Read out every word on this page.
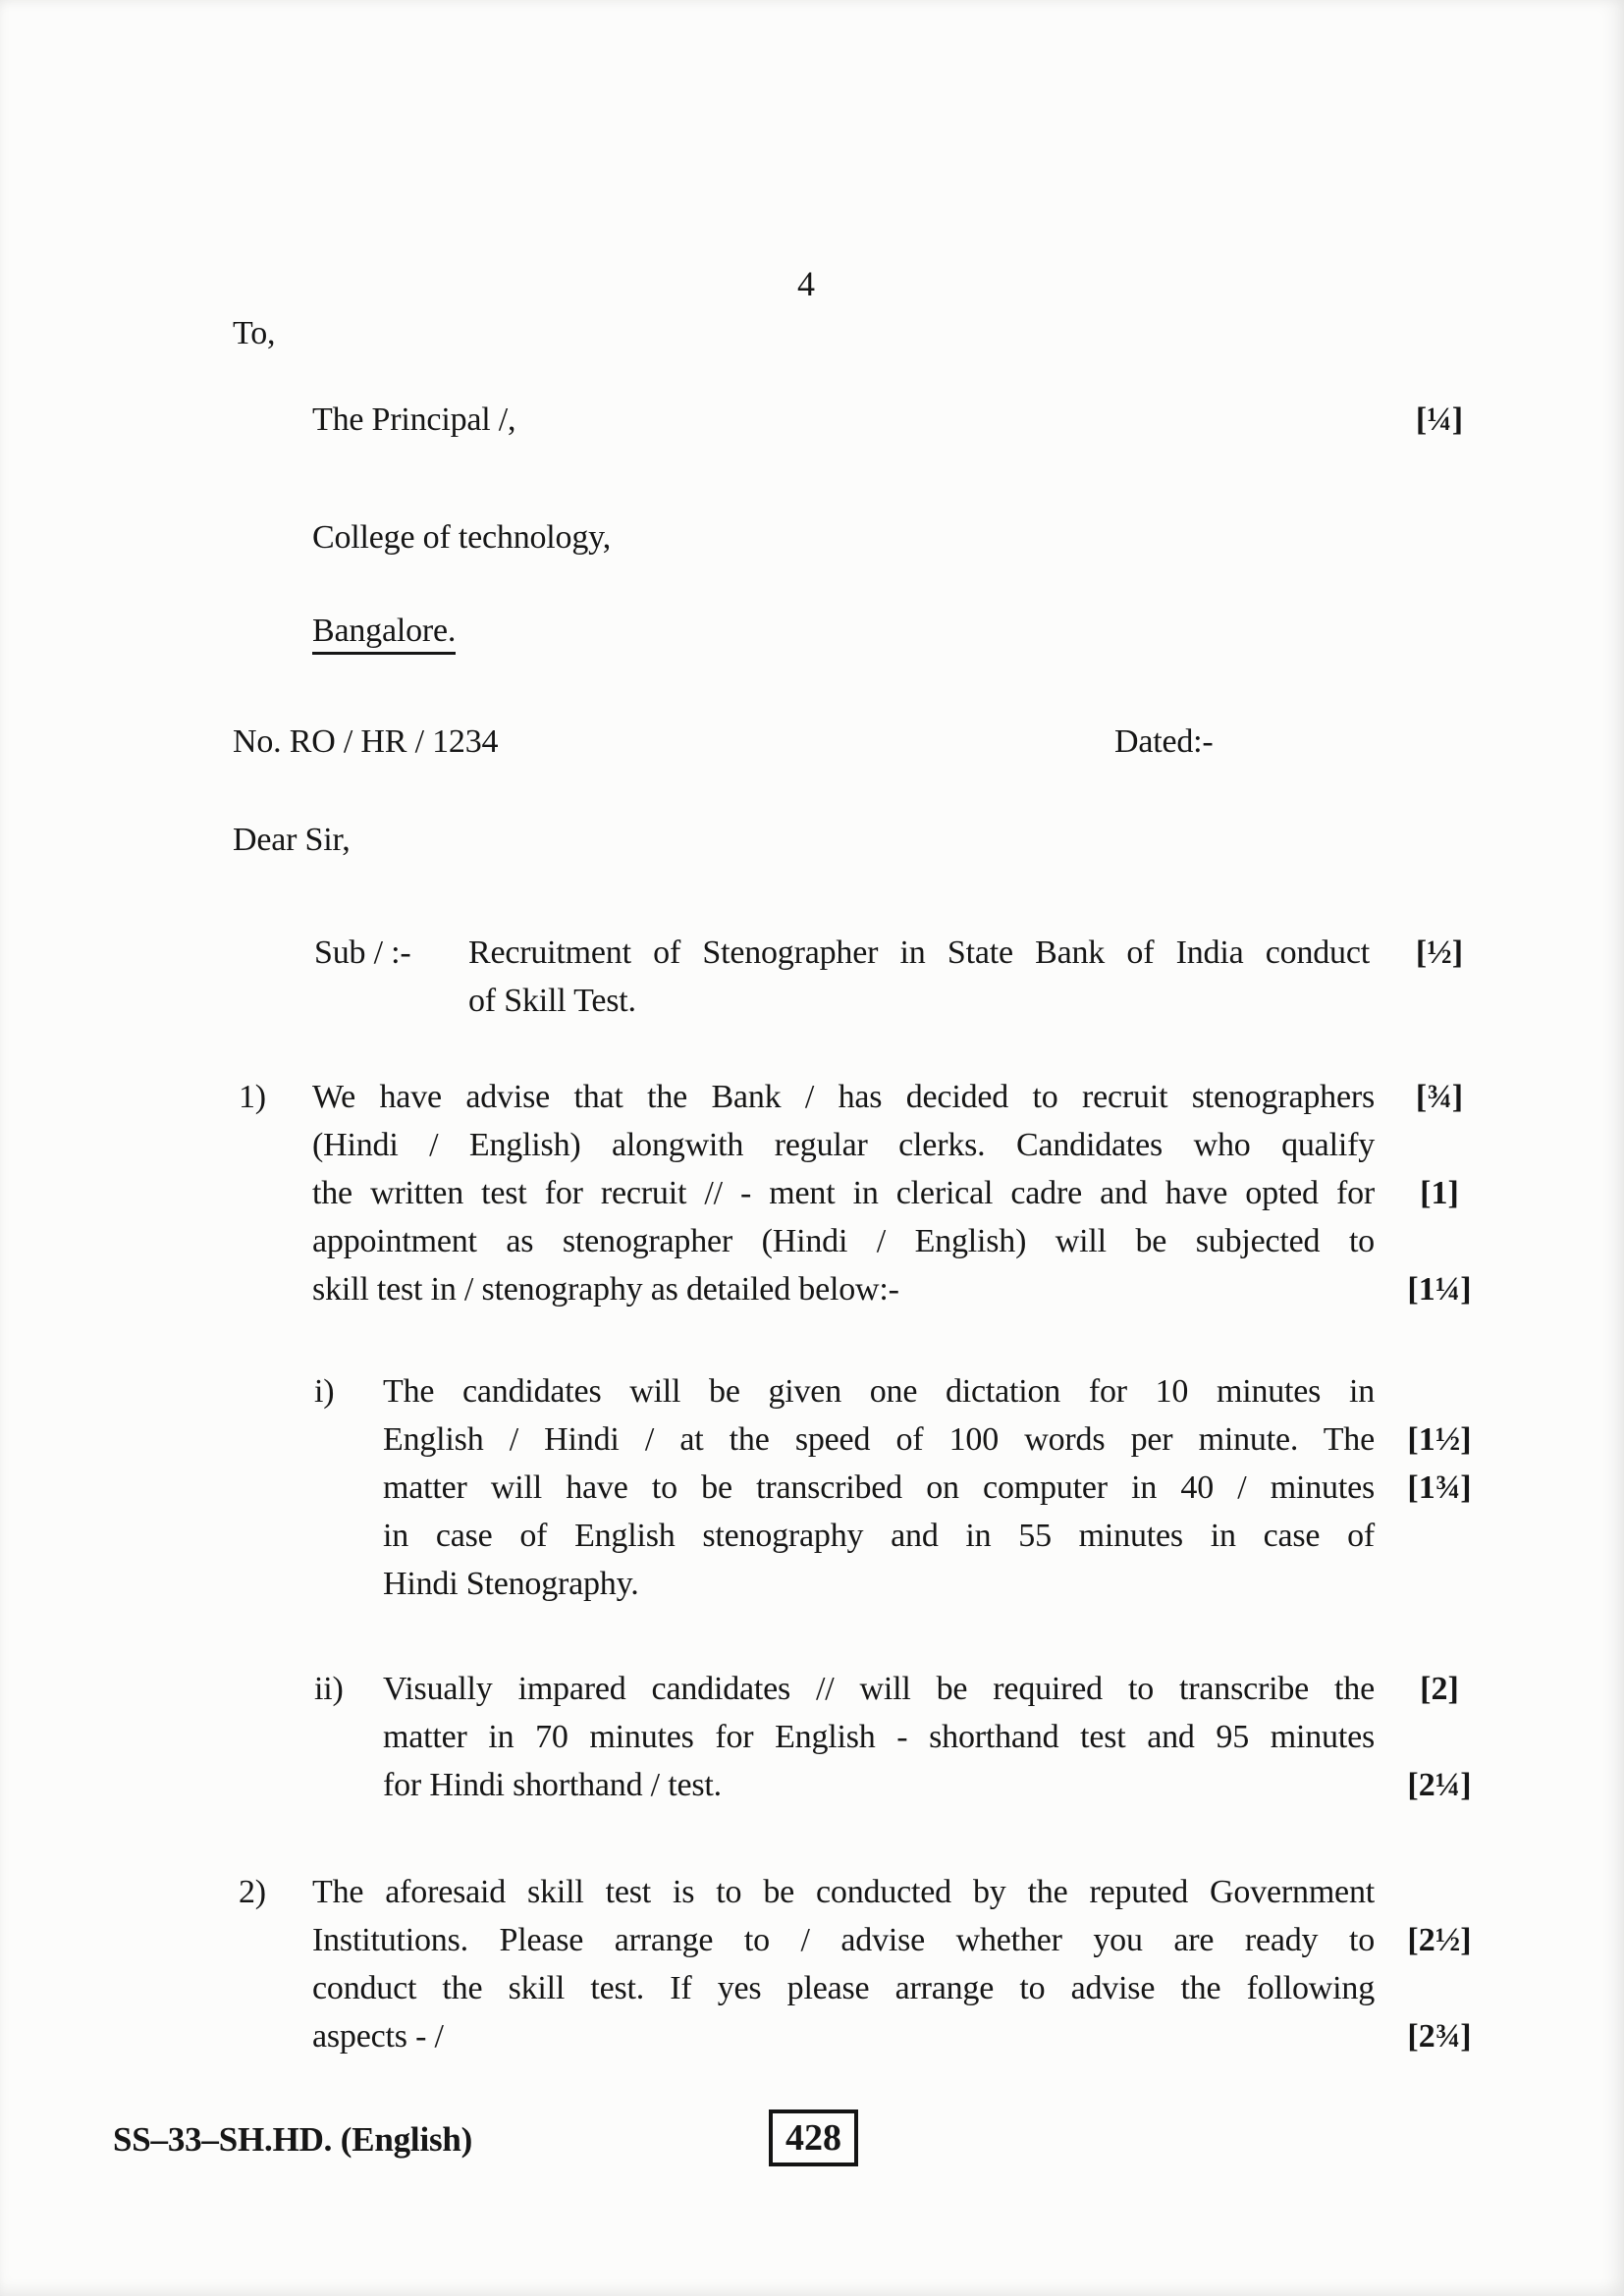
4
To,
The Principal /,	[¼]
College of technology,
Bangalore.
No. RO / HR / 1234	Dated:-
Dear Sir,
Sub / :-	Recruitment of Stenographer in State Bank of India conduct	[½]
of Skill Test.
1)	We have advise that the Bank / has decided to recruit stenographers	[¾]
(Hindi / English) alongwith regular clerks. Candidates who qualify
the written test for recruit // - ment in clerical cadre and have opted for	[1]
appointment as stenographer (Hindi / English) will be subjected to
skill test in / stenography as detailed below:-	[1¼]
i)	The candidates will be given one dictation for 10 minutes in
English / Hindi / at the speed of 100 words per minute. The [1½]
matter will have to be transcribed on computer in 40 / minutes [1¾]
in case of English stenography and in 55 minutes in case of
Hindi Stenography.
ii)	Visually impared candidates // will be required to transcribe the	[2]
matter in 70 minutes for English - shorthand test and 95 minutes
for Hindi shorthand / test.	[2¼]
2)	The aforesaid skill test is to be conducted by the reputed Government
Institutions. Please arrange to / advise whether you are ready to [2½]
conduct the skill test. If yes please arrange to advise the following
aspects - /	[2¾]
SS–33–SH.HD. (English)	428
